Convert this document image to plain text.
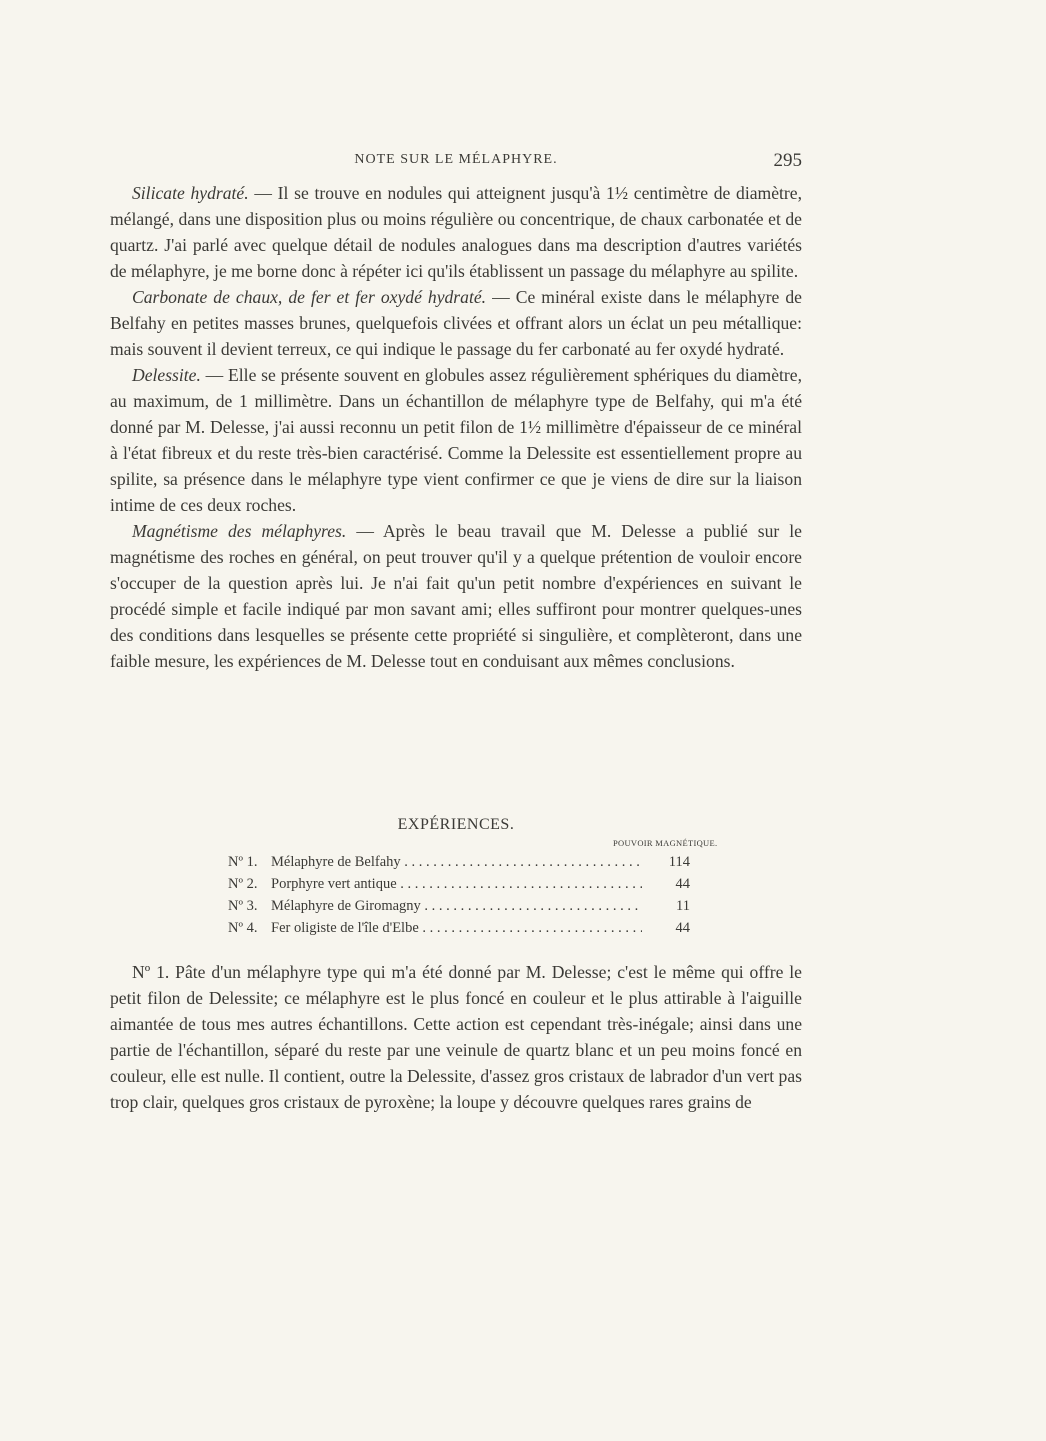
NOTE SUR LE MÉLAPHYRE.	295

Silicate hydraté. — Il se trouve en nodules qui atteignent jusqu'à 1½ centimètre de diamètre, mélangé, dans une disposition plus ou moins régulière ou concentrique, de chaux carbonatée et de quartz. J'ai parlé avec quelque détail de nodules analogues dans ma description d'autres variétés de mélaphyre, je me borne donc à répéter ici qu'ils établissent un passage du mélaphyre au spilite.

Carbonate de chaux, de fer et fer oxydé hydraté. — Ce minéral existe dans le mélaphyre de Belfahy en petites masses brunes, quelquefois clivées et offrant alors un éclat un peu métallique: mais souvent il devient terreux, ce qui indique le passage du fer carbonaté au fer oxydé hydraté.

Delessite. — Elle se présente souvent en globules assez régulièrement sphériques du diamètre, au maximum, de 1 millimètre. Dans un échantillon de mélaphyre type de Belfahy, qui m'a été donné par M. Delesse, j'ai aussi reconnu un petit filon de 1½ millimètre d'épaisseur de ce minéral à l'état fibreux et du reste très-bien caractérisé. Comme la Delessite est essentiellement propre au spilite, sa présence dans le mélaphyre type vient confirmer ce que je viens de dire sur la liaison intime de ces deux roches.

Magnétisme des mélaphyres. — Après le beau travail que M. Delesse a publié sur le magnétisme des roches en général, on peut trouver qu'il y a quelque prétention de vouloir encore s'occuper de la question après lui. Je n'ai fait qu'un petit nombre d'expériences en suivant le procédé simple et facile indiqué par mon savant ami; elles suffiront pour montrer quelques-unes des conditions dans lesquelles se présente cette propriété si singulière, et complèteront, dans une faible mesure, les expériences de M. Delesse tout en conduisant aux mêmes conclusions.

EXPÉRIENCES.
POUVOIR MAGNÉTIQUE.
Nº 1. Mélaphyre de Belfahy . . .	114
Nº 2. Porphyre vert antique . . .	44
Nº 3. Mélaphyre de Giromagny . . .	11
Nº 4. Fer oligiste de l'île d'Elbe . . .	44

Nº 1. Pâte d'un mélaphyre type qui m'a été donné par M. Delesse; c'est le même qui offre le petit filon de Delessite; ce mélaphyre est le plus foncé en couleur et le plus attirable à l'aiguille aimantée de tous mes autres échantillons. Cette action est cependant très-inégale; ainsi dans une partie de l'échantillon, séparé du reste par une veinule de quartz blanc et un peu moins foncé en couleur, elle est nulle. Il contient, outre la Delessite, d'assez gros cristaux de labrador d'un vert pas trop clair, quelques gros cristaux de pyroxène; la loupe y découvre quelques rares grains de
